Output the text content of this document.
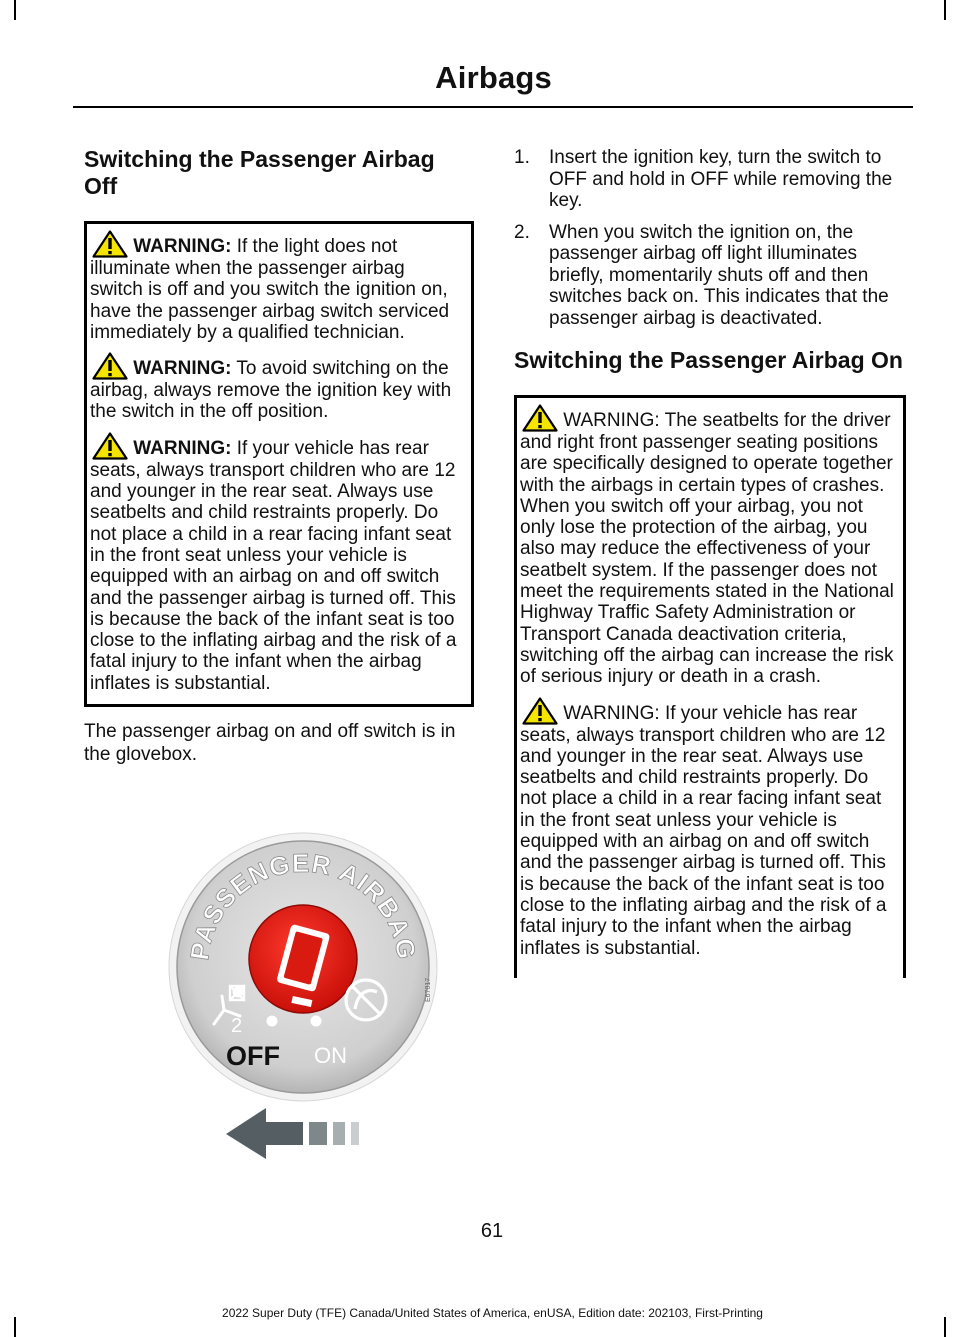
Airbags
Switching the Passenger Airbag Off

WARNING: If the light does not illuminate when the passenger airbag switch is off and you switch the ignition on, have the passenger airbag switch serviced immediately by a qualified technician.

WARNING: To avoid switching on the airbag, always remove the ignition key with the switch in the off position.

WARNING: If your vehicle has rear seats, always transport children who are 12 and younger in the rear seat. Always use seatbelts and child restraints properly. Do not place a child in a rear facing infant seat in the front seat unless your vehicle is equipped with an airbag on and off switch and the passenger airbag is turned off. This is because the back of the infant seat is too close to the inflating airbag and the risk of a fatal injury to the infant when the airbag inflates is substantial.

The passenger airbag on and off switch is in the glovebox.

PASSENGER AIRBAG
2
OFF ON
E67017
1. Insert the ignition key, turn the switch to OFF and hold in OFF while removing the key.
2. When you switch the ignition on, the passenger airbag off light illuminates briefly, momentarily shuts off and then switches back on. This indicates that the passenger airbag is deactivated.
Switching the Passenger Airbag On

WARNING: The seatbelts for the driver and right front passenger seating positions are specifically designed to operate together with the airbags in certain types of crashes. When you switch off your airbag, you not only lose the protection of the airbag, you also may reduce the effectiveness of your seatbelt system. If the passenger does not meet the requirements stated in the National Highway Traffic Safety Administration or Transport Canada deactivation criteria, switching off the airbag can increase the risk of serious injury or death in a crash.

WARNING: If your vehicle has rear seats, always transport children who are 12 and younger in the rear seat. Always use seatbelts and child restraints properly. Do not place a child in a rear facing infant seat in the front seat unless your vehicle is equipped with an airbag on and off switch and the passenger airbag is turned off. This is because the back of the infant seat is too close to the inflating airbag and the risk of a fatal injury to the infant when the airbag inflates is substantial.

61
2022 Super Duty (TFE) Canada/United States of America, enUSA, Edition date: 202103, First-Printing
